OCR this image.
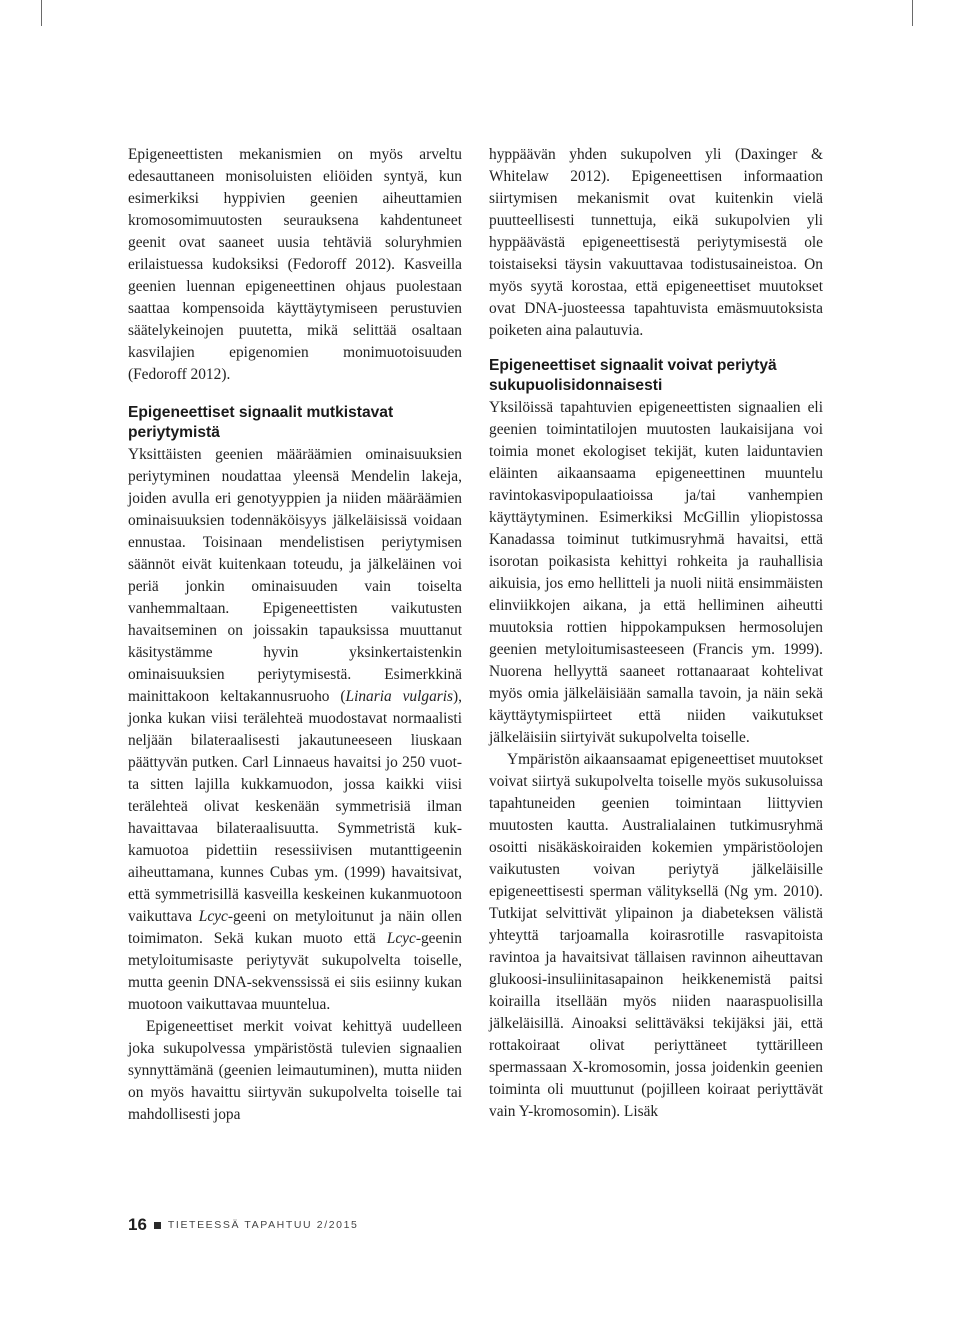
Epigeneettisten mekanismien on myös arveltu edesauttaneen monisoluisten eliöiden syntyä, kun esimerkiksi hyppivien geenien aiheuttamien kromosomimuutosten seurauksena kahdentuneet geenit ovat saaneet uusia tehtäviä soluryhmien erilaistuessa kudoksiksi (Fedoroff 2012). Kasveilla geenien luennan epigeneettinen ohjaus puolestaan saattaa kompensoida käyttäytymiseen perustuvien säätelykeinojen puutetta, mikä selittää osaltaan kasvilajien epigenomien monimuotoisuuden (Fedoroff 2012).

Epigeneettiset signaalit mutkistavat periytymistä

Yksittäisten geenien määräämien ominaisuuksien periytyminen noudattaa yleensä Mendelin lakeja, joiden avulla eri genotyyppien ja niiden määräämien ominaisuuksien todennäköisyys jälkeläisissä voidaan ennustaa. Toisinaan mendelistisen periytymisen säännöt eivät kuitenkaan toteudu, ja jälkeläinen voi periä jonkin ominaisuuden vain toiselta vanhemmaltaan. Epigeneettisten vaikutusten havaitseminen on joissakin tapauksissa muuttanut käsitystämme hyvin yksinkertaistenkin ominaisuuksien periytymisestä. Esimerkkinä mainittakoon keltakannusruoho (Linaria vulgaris), jonka kukan viisi terälehteä muodostavat normaalisti neljään bilateraalisesti jakautuneeseen liuskaan päättyvän putken. Carl Linnaeus havaitsi jo 250 vuotta sitten lajilla kukkamuodon, jossa kaikki viisi terälehteä olivat keskenään symmetrisiä ilman havaittavaa bilateraalisuutta. Symmetristä kukkamuotoa pidettiin resessiivisen mutanttigeenin aiheuttamana, kunnes Cubas ym. (1999) havaitsivat, että symmetrisillä kasveilla keskeinen kukanmuotoon vaikuttava Lcyc-geeni on metyloitunut ja näin ollen toimimaton. Sekä kukan muoto että Lcyc-geenin metyloitumisaste periytyvät sukupolvelta toiselle, mutta geenin DNA-sekvenssissä ei siis esiinny kukan muotoon vaikuttavaa muuntelua.

Epigeneettiset merkit voivat kehittyä uudelleen joka sukupolvessa ympäristöstä tulevien signaalien synnyttämänä (geenien leimautuminen), mutta niiden on myös havaittu siirtyvän sukupolvelta toiselle tai mahdollisesti jopa

hyppäävän yhden sukupolven yli (Daxinger & Whitelaw 2012). Epigeneettisen informaation siirtymisen mekanismit ovat kuitenkin vielä puutteellisesti tunnettuja, eikä sukupolvien yli hyppäävästä epigeneettisestä periytymisestä ole toistaiseksi täysin vakuuttavaa todistusaineistoa. On myös syytä korostaa, että epigeneettiset muutokset ovat DNA-juosteessa tapahtuvista emäsmuutoksista poiketen aina palautuvia.

Epigeneettiset signaalit voivat periytyä sukupuolisidonnaisesti

Yksilöissä tapahtuvien epigeneettisten signaalien eli geenien toimintatilojen muutosten laukaisijana voi toimia monet ekologiset tekijät, kuten laiduntavien eläinten aikaansaama epigeneettinen muuntelu ravintokasvipopulaatioissa ja/tai vanhempien käyttäytyminen. Esimerkiksi McGillin yliopistossa Kanadassa toiminut tutkimusryhmä havaitsi, että isorotan poikasista kehittyi rohkeita ja rauhallisia aikuisia, jos emo hellitteli ja nuoli niitä ensimmäisten elinviikkojen aikana, ja että helliminen aiheutti muutoksia rottien hippokampuksen hermosolujen geenien metyloitumisasteeseen (Francis ym. 1999). Nuorena hellyyttä saaneet rottanaaraat kohtelivat myös omia jälkeläisiään samalla tavoin, ja näin sekä käyttäytymispiirteet että niiden vaikutukset jälkeläisiin siirtyivät sukupolvelta toiselle.

Ympäristön aikaansaamat epigeneettiset muutokset voivat siirtyä sukupolvelta toiselle myös sukusoluissa tapahtuneiden geenien toimintaan liittyvien muutosten kautta. Australialainen tutkimusryhmä osoitti nisäkäskoiraiden kokemien ympäristöolojen vaikutusten voivan periytyä jälkeläisille epigeneettisesti sperman välityksellä (Ng ym. 2010). Tutkijat selvittivät ylipainon ja diabeteksen välistä yhteyttä tarjoamalla koirasrotille rasvapitoista ravintoa ja havaitsivat tällaisen ravinnon aiheuttavan glukoosi-insuliinitasapainon heikkenemistä paitsi koirailla itsellään myös niiden naaraspuolisilla jälkeläisillä. Ainoaksi selittäväksi tekijäksi jäi, että rottakoiraat olivat periyttäneet tyttärilleen spermassaan X-kromosomin, jossa joidenkin geenien toiminta oli muuttunut (pojilleen koiraat periyttävät vain Y-kromosomin). Lisäk

16 TIETEESSÄ TAPAHTUU 2/2015
